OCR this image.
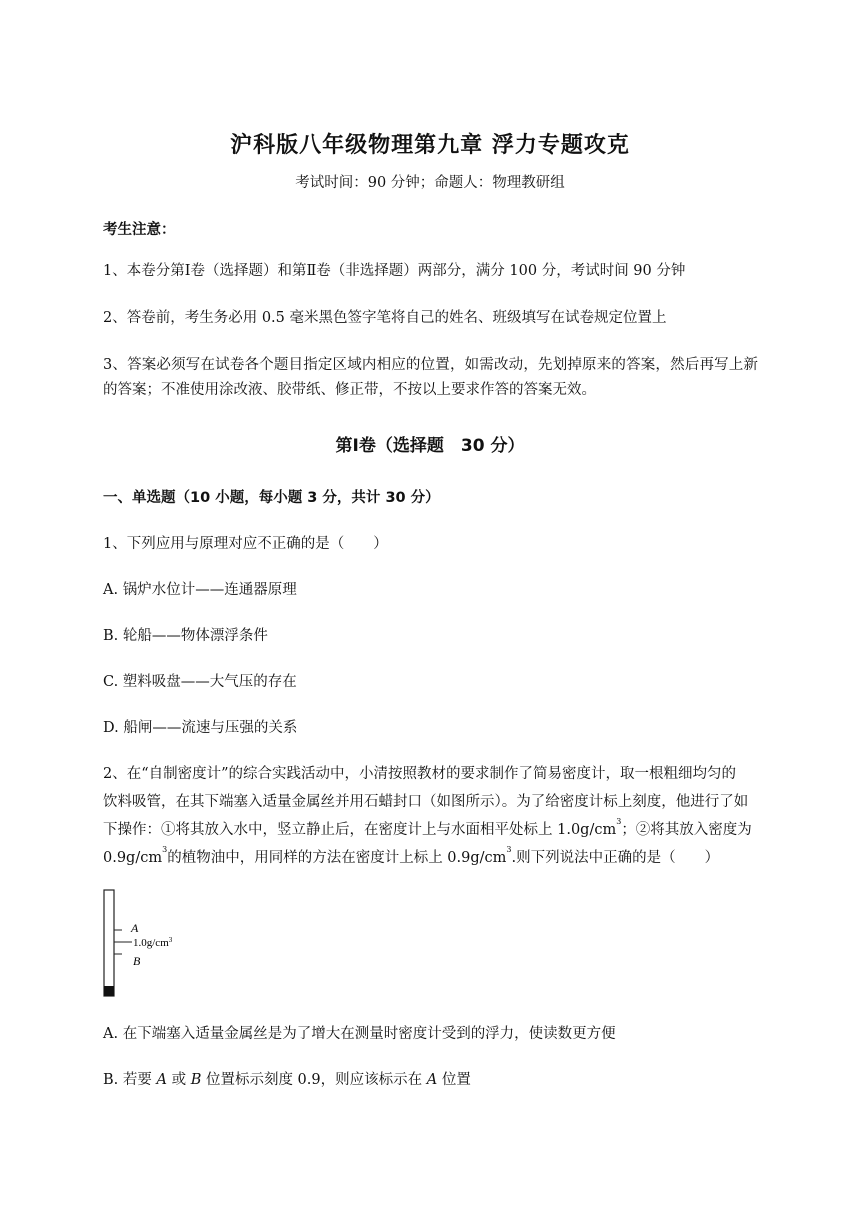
沪科版八年级物理第九章 浮力专题攻克
考试时间：90 分钟；命题人：物理教研组
考生注意：
1、本卷分第Ⅰ卷（选择题）和第Ⅱ卷（非选择题）两部分，满分 100 分，考试时间 90 分钟
2、答卷前，考生务必用 0.5 毫米黑色签字笔将自己的姓名、班级填写在试卷规定位置上
3、答案必须写在试卷各个题目指定区域内相应的位置，如需改动，先划掉原来的答案，然后再写上新的答案；不准使用涂改液、胶带纸、修正带，不按以上要求作答的答案无效。
第Ⅰ卷（选择题　30 分）
一、单选题（10 小题，每小题 3 分，共计 30 分）
1、下列应用与原理对应不正确的是（　　）
A. 锅炉水位计——连通器原理
B. 轮船——物体漂浮条件
C. 塑料吸盘——大气压的存在
D. 船闸——流速与压强的关系
2、在“自制密度计”的综合实践活动中，小清按照教材的要求制作了简易密度计，取一根粗细均匀的
饮料吸管，在其下端塞入适量金属丝并用石蜡封口（如图所示）。为了给密度计标上刻度，他进行了如
下操作：①将其放入水中，竖立静止后，在密度计上与水面相平处标上 $1.0g/cm^3$；②将其放入密度为
$0.9g/cm^3$的植物油中，用同样的方法在密度计上标上 $0.9g/cm^3$.则下列说法中正确的是（　　）
A
$1.0g/cm^3$
B
A. 在下端塞入适量金属丝是为了增大在测量时密度计受到的浮力，使读数更方便
B. 若要 A 或 B 位置标示刻度 0.9，则应该标示在 A 位置
